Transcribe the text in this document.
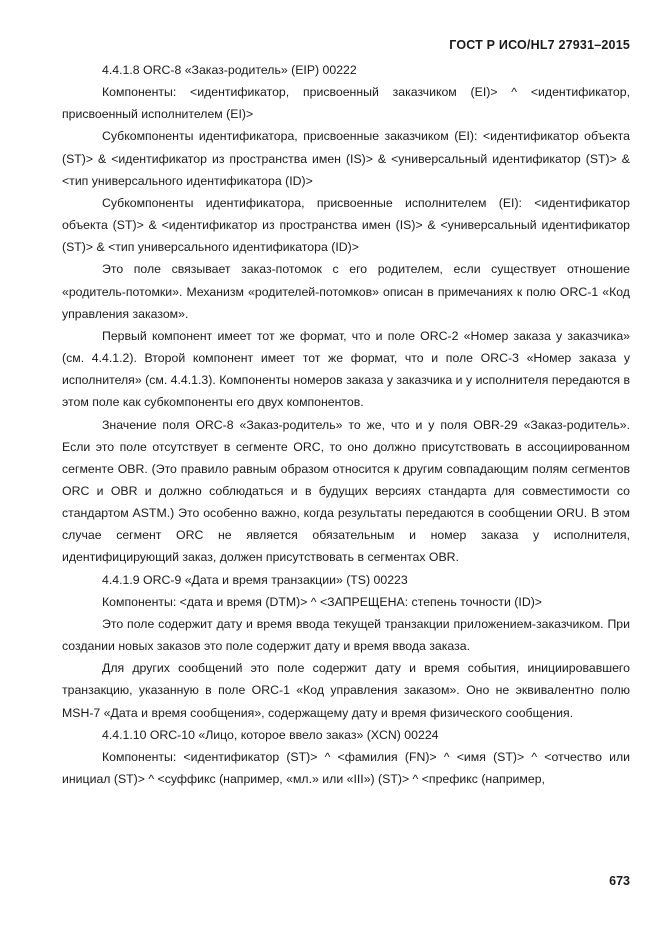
ГОСТ Р ИСО/HL7 27931–2015

4.4.1.8 ORC-8 «Заказ-родитель» (EIP) 00222

Компоненты: <идентификатор, присвоенный заказчиком (EI)> ^ <идентификатор, присвоенный исполнителем (EI)>

Субкомпоненты идентификатора, присвоенные заказчиком (EI): <идентификатор объекта (ST)> & <идентификатор из пространства имен (IS)> & <универсальный идентификатор (ST)> & <тип универсального идентификатора (ID)>

Субкомпоненты идентификатора, присвоенные исполнителем (EI): <идентификатор объекта (ST)> & <идентификатор из пространства имен (IS)> & <универсальный идентификатор (ST)> & <тип универсального идентификатора (ID)>

Это поле связывает заказ-потомок с его родителем, если существует отношение «родитель-потомки». Механизм «родителей-потомков» описан в примечаниях к полю ORC-1 «Код управления заказом».

Первый компонент имеет тот же формат, что и поле ORC-2 «Номер заказа у заказчика» (см. 4.4.1.2). Второй компонент имеет тот же формат, что и поле ORC-3 «Номер заказа у исполнителя» (см. 4.4.1.3). Компоненты номеров заказа у заказчика и у исполнителя передаются в этом поле как субкомпоненты его двух компонентов.

Значение поля ORC-8 «Заказ-родитель» то же, что и у поля OBR-29 «Заказ-родитель». Если это поле отсутствует в сегменте ORC, то оно должно присутствовать в ассоциированном сегменте OBR. (Это правило равным образом относится к другим совпадающим полям сегментов ORC и OBR и должно соблюдаться и в будущих версиях стандарта для совместимости со стандартом ASTM.) Это особенно важно, когда результаты передаются в сообщении ORU. В этом случае сегмент ORC не является обязательным и номер заказа у исполнителя, идентифицирующий заказ, должен присутствовать в сегментах OBR.

4.4.1.9 ORC-9 «Дата и время транзакции» (TS) 00223

Компоненты: <дата и время (DTM)> ^ <ЗАПРЕЩЕНА: степень точности (ID)>

Это поле содержит дату и время ввода текущей транзакции приложением-заказчиком. При создании новых заказов это поле содержит дату и время ввода заказа.

Для других сообщений это поле содержит дату и время события, инициировавшего транзакцию, указанную в поле ORC-1 «Код управления заказом». Оно не эквивалентно полю MSH-7 «Дата и время сообщения», содержащему дату и время физического сообщения.

4.4.1.10 ORC-10 «Лицо, которое ввело заказ» (XCN) 00224

Компоненты: <идентификатор (ST)> ^ <фамилия (FN)> ^ <имя (ST)> ^ <отчество или инициал (ST)> ^ <суффикс (например, «мл.» или «III») (ST)> ^ <префикс (например,

673
